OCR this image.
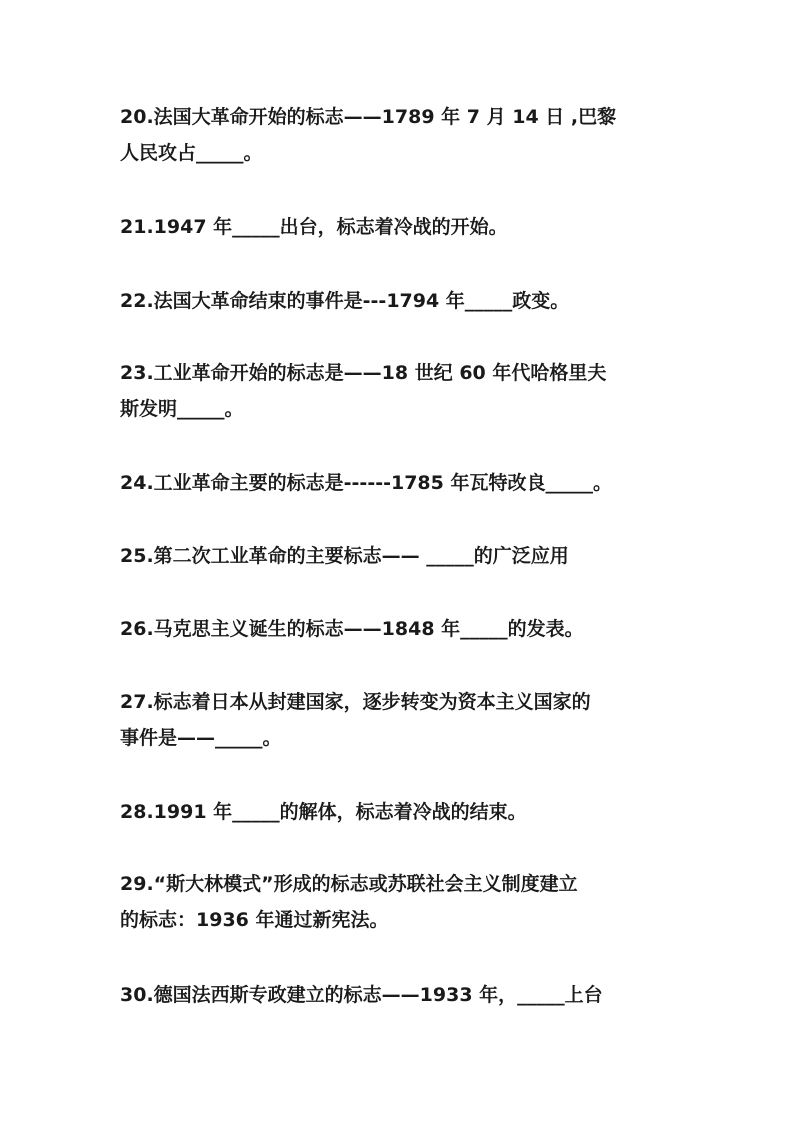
20.法国大革命开始的标志——1789 年 7 月 14 日 ,巴黎
人民攻占_____。

21.1947 年_____出台，标志着冷战的开始。

22.法国大革命结束的事件是---1794 年_____政变。

23.工业革命开始的标志是——18 世纪 60 年代哈格里夫
斯发明_____。

24.工业革命主要的标志是------1785 年瓦特改良_____。

25.第二次工业革命的主要标志—— _____的广泛应用

26.马克思主义诞生的标志——1848 年_____的发表。

27.标志着日本从封建国家，逐步转变为资本主义国家的
事件是——_____。

28.1991 年_____的解体，标志着冷战的结束。

29.“斯大林模式”形成的标志或苏联社会主义制度建立
的标志：1936 年通过新宪法。

30.德国法西斯专政建立的标志——1933 年，_____上台
